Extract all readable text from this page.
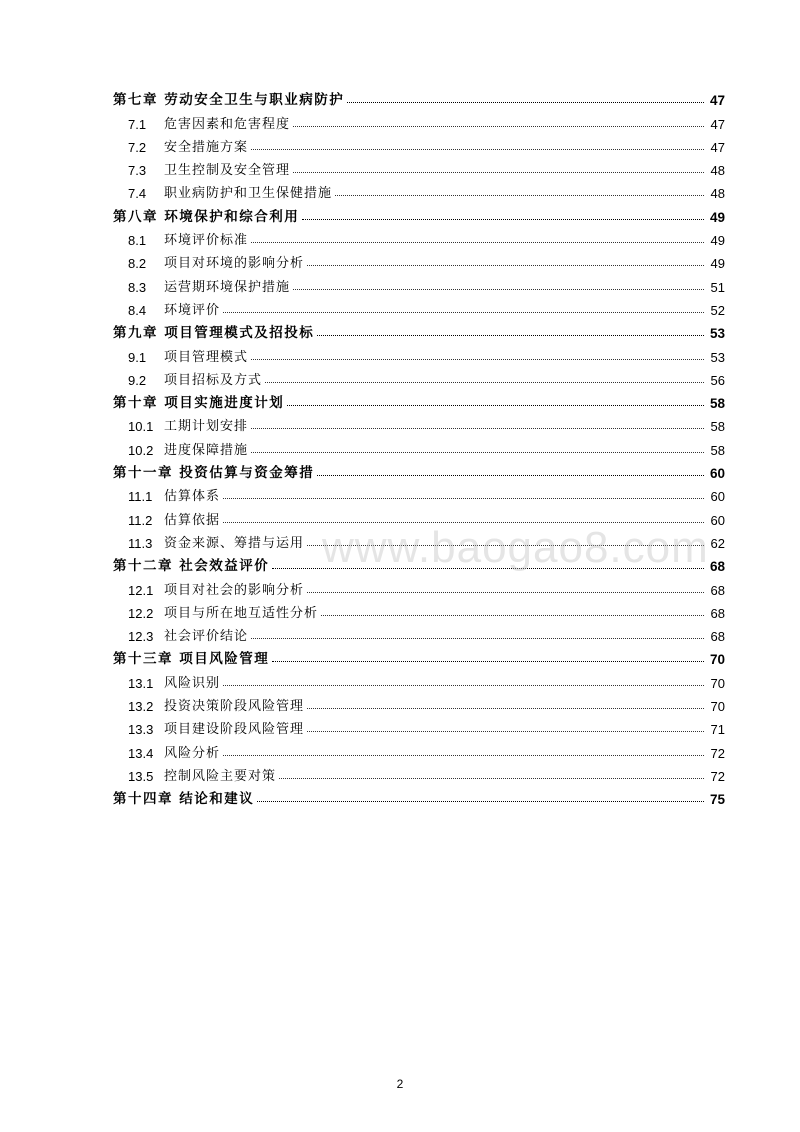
第七章 劳动安全卫生与职业病防护	47
7.1	危害因素和危害程度	47
7.2	安全措施方案	47
7.3	卫生控制及安全管理	48
7.4	职业病防护和卫生保健措施	48
第八章 环境保护和综合利用	49
8.1	环境评价标准	49
8.2	项目对环境的影响分析	49
8.3	运营期环境保护措施	51
8.4	环境评价	52
第九章 项目管理模式及招投标	53
9.1	项目管理模式	53
9.2	项目招标及方式	56
第十章 项目实施进度计划	58
10.1 工期计划安排	58
10.2 进度保障措施	58
第十一章 投资估算与资金筹措	60
11.1 估算体系	60
11.2 估算依据	60
11.3 资金来源、筹措与运用	62
第十二章 社会效益评价	68
12.1 项目对社会的影响分析	68
12.2 项目与所在地互适性分析	68
12.3 社会评价结论	68
第十三章 项目风险管理	70
13.1 风险识别	70
13.2 投资决策阶段风险管理	70
13.3 项目建设阶段风险管理	71
13.4 风险分析	72
13.5 控制风险主要对策	72
第十四章 结论和建议	75
www.baogao8.com
2
